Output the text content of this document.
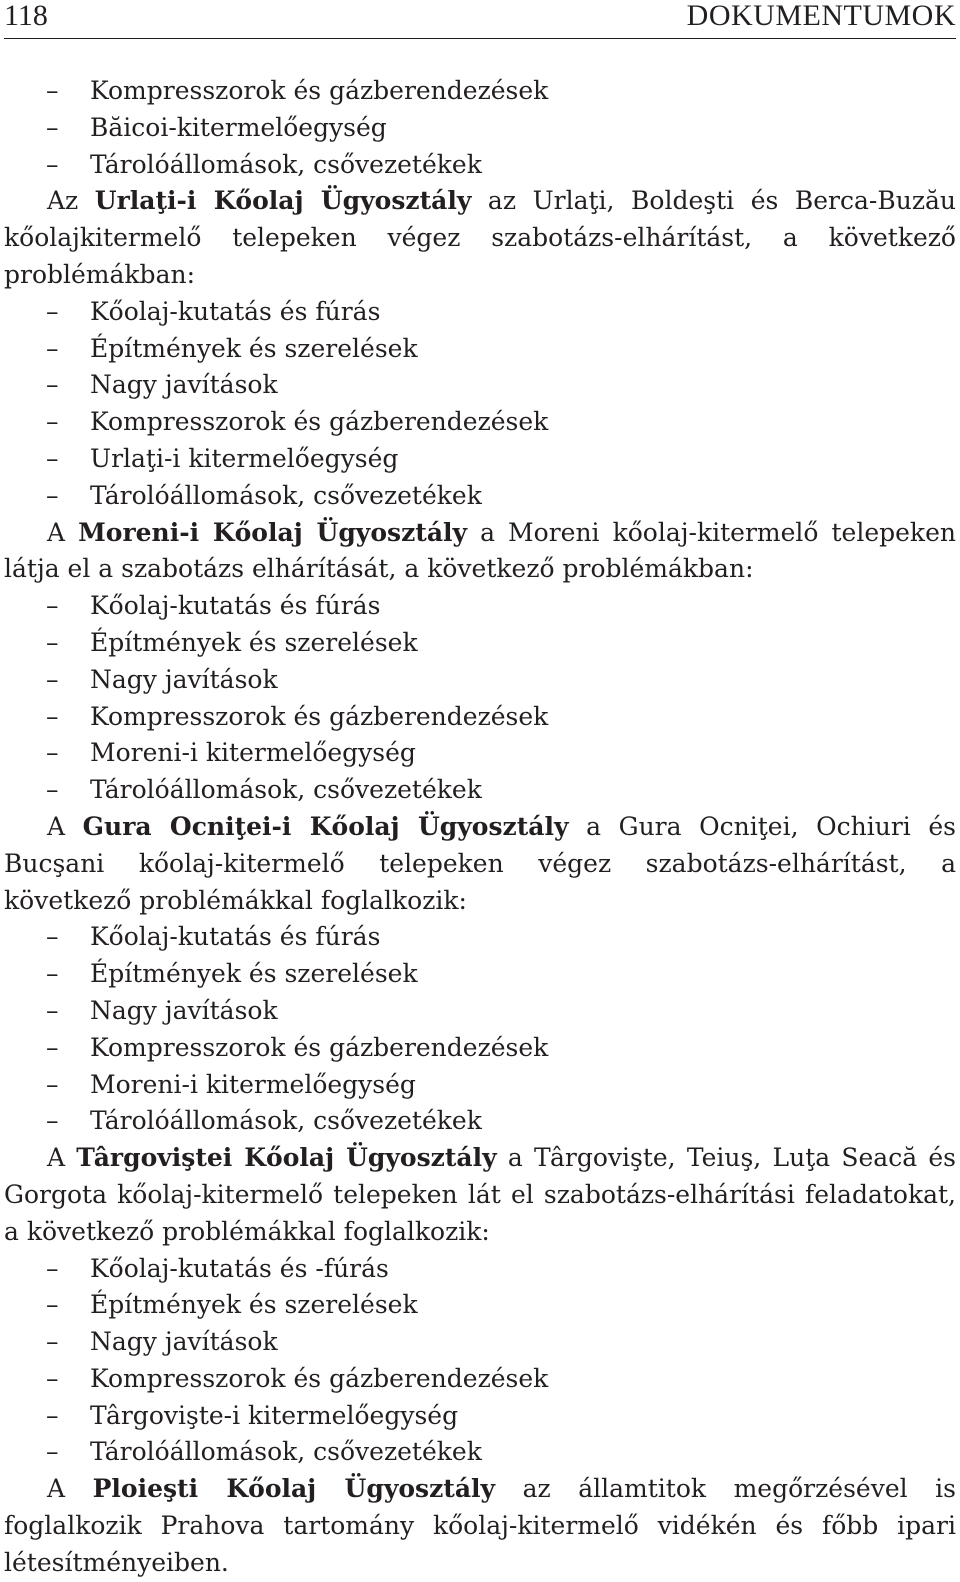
118	DOKUMENTUMOK
– Kompresszorok és gázberendezések
– Băicoi-kitermelőegység
– Tárolóállomások, csővezetékek
Az Urlaţi-i Kőolaj Ügyosztály az Urlaţi, Boldeşti és Berca-Buzău kőolajkitermelő telepeken végez szabotázs-elhárítást, a következő problémákban:
– Kőolaj-kutatás és fúrás
– Építmények és szerelések
– Nagy javítások
– Kompresszorok és gázberendezések
– Urlaţi-i kitermelőegység
– Tárolóállomások, csővezetékek
A Moreni-i Kőolaj Ügyosztály a Moreni kőolaj-kitermelő telepeken látja el a szabotázs elhárítását, a következő problémákban:
– Kőolaj-kutatás és fúrás
– Építmények és szerelések
– Nagy javítások
– Kompresszorok és gázberendezések
– Moreni-i kitermelőegység
– Tárolóállomások, csővezetékek
A Gura Ocniţei-i Kőolaj Ügyosztály a Gura Ocniţei, Ochiuri és Bucşani kőolaj-kitermelő telepeken végez szabotázs-elhárítást, a következő problémákkal foglalkozik:
– Kőolaj-kutatás és fúrás
– Építmények és szerelések
– Nagy javítások
– Kompresszorok és gázberendezések
– Moreni-i kitermelőegység
– Tárolóállomások, csővezetékek
A Târgoviştei Kőolaj Ügyosztály a Târgovişte, Teiuş, Luţa Seacă és Gorgota kőolaj-kitermelő telepeken lát el szabotázs-elhárítási feladatokat, a következő problémákkal foglalkozik:
– Kőolaj-kutatás és -fúrás
– Építmények és szerelések
– Nagy javítások
– Kompresszorok és gázberendezések
– Târgovişte-i kitermelőegység
– Tárolóállomások, csővezetékek
A Ploieşti Kőolaj Ügyosztály az államtitok megőrzésével is foglalkozik Prahova tartomány kőolaj-kitermelő vidékén és főbb ipari létesítményeiben.
